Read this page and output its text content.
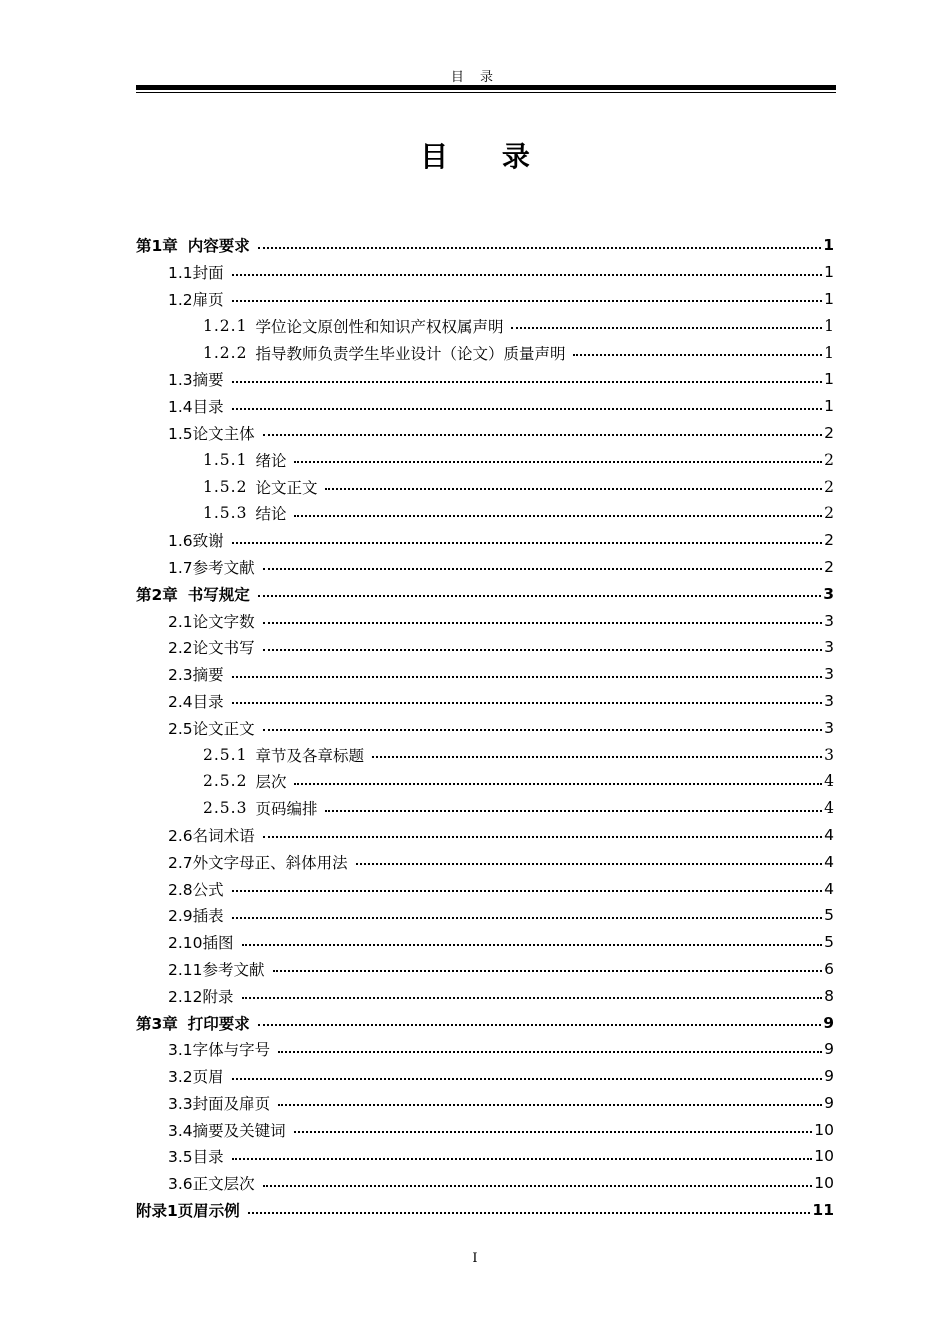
目 录
目 录
第1章 内容要求	1
1.1封面	1
1.2扉页	1
1.2.1 学位论文原创性和知识产权权属声明	1
1.2.2 指导教师负责学生毕业设计（论文）质量声明	1
1.3摘要	1
1.4目录	1
1.5论文主体	2
1.5.1 绪论	2
1.5.2 论文正文	2
1.5.3 结论	2
1.6致谢	2
1.7参考文献	2
第2章 书写规定	3
2.1论文字数	3
2.2论文书写	3
2.3摘要	3
2.4目录	3
2.5论文正文	3
2.5.1 章节及各章标题	3
2.5.2 层次	4
2.5.3 页码编排	4
2.6名词术语	4
2.7外文字母正、斜体用法	4
2.8公式	4
2.9插表	5
2.10插图	5
2.11参考文献	6
2.12附录	8
第3章 打印要求	9
3.1字体与字号	9
3.2页眉	9
3.3封面及扉页	9
3.4摘要及关键词	10
3.5目录	10
3.6正文层次	10
附录1页眉示例	11
I
